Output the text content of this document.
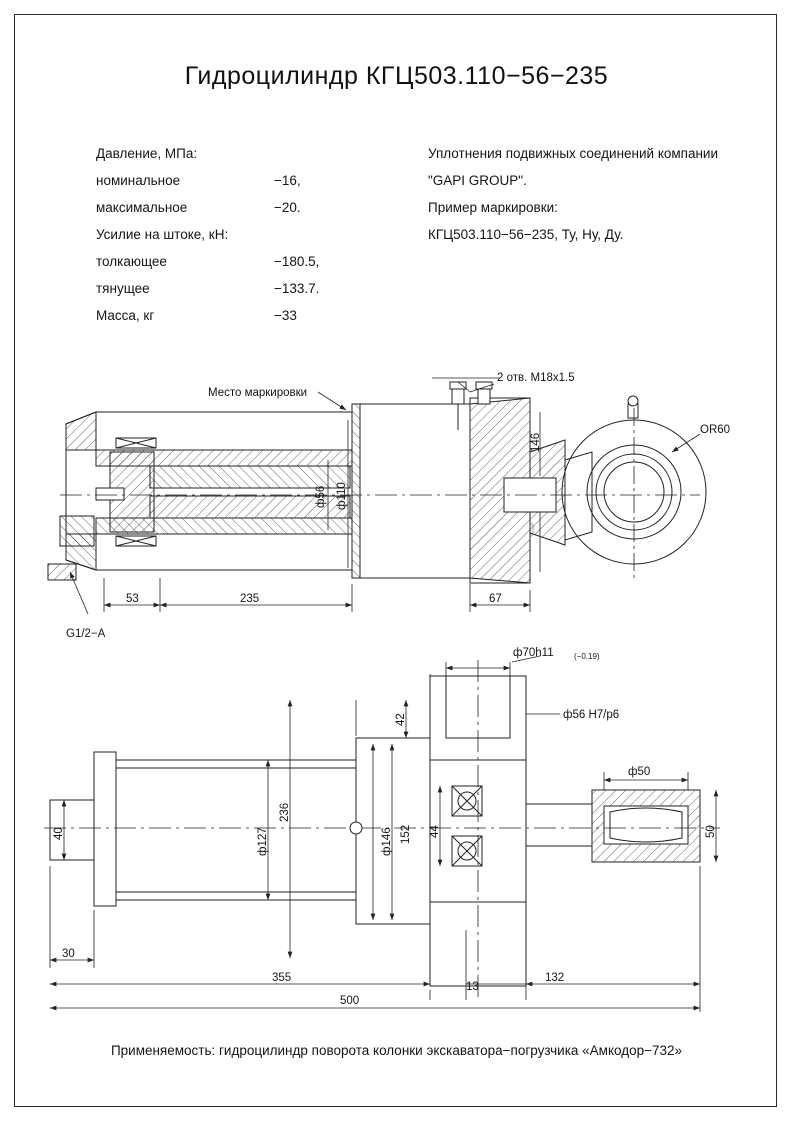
Гидроцилиндр КГЦ503.110−56−235
Давление, МПа:
номинальное	−16,
максимальное	−20.
Усилие на штоке, кН:
толкающее	−180.5,
тянущее	−133.7.
Масса, кг	−33
Уплотнения подвижных соединений компании
"GAPI GROUP".
Пример маркировки:
КГЦ503.110−56−235, Ту, Ну, Ду.
Место маркировки
2 отв. M18x1.5
OR60
G1/2−A
53	235	67
ф56 ф110
146
ф70h11	(−0.19)
ф56 H7/p6
ф50
ф127	ф146
42
236
152 44
40	50
30
355
13
132
500
Применяемость: гидроцилиндр поворота колонки экскаватора−погрузчика «Амкодор−732»
